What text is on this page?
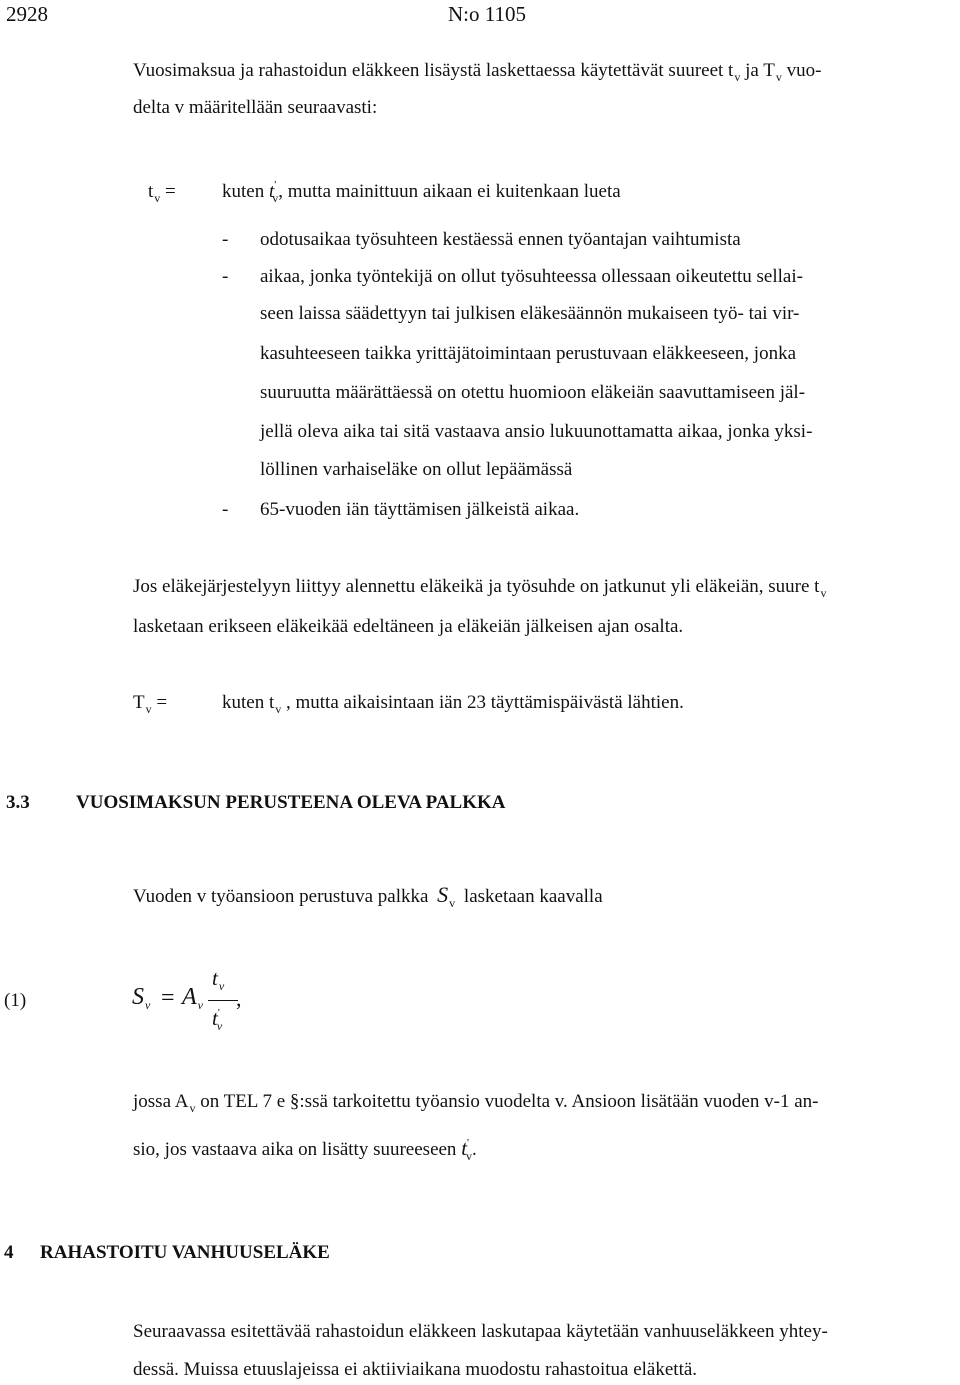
2928	N:o 1105
Vuosimaksua ja rahastoidun eläkkeen lisäystä laskettaessa käytettävät suureet $t_v$ ja $T_v$ vuo-
delta v määritellään seuraavasti:
$t_v$ = kuten $t'_v$, mutta mainittuun aikaan ei kuitenkaan lueta
- odotusaikaa työsuhteen kestäessä ennen työantajan vaihtumista
- aikaa, jonka työntekijä on ollut työsuhteessa ollessaan oikeutettu sellai-
seen laissa säädettyyn tai julkisen eläkesäännön mukaiseen työ- tai vir-
kasuhteeseen taikka yrittäjätoimintaan perustuvaan eläkkeeseen, jonka
suuruutta määrättäessä on otettu huomioon eläkeiän saavuttamiseen jäl-
jellä oleva aika tai sitä vastaava ansio lukuunottamatta aikaa, jonka yksi-
löllinen varhaiseläke on ollut lepäämässä
- 65-vuoden iän täyttämisen jälkeistä aikaa.
Jos eläkejärjestelyyn liittyy alennettu eläkeikä ja työsuhde on jatkunut yli eläkeiän, suure $t_v$
lasketaan erikseen eläkeikää edeltäneen ja eläkeiän jälkeisen ajan osalta.
$T_v$ =	kuten $t_v$ , mutta aikaisintaan iän 23 täyttämispäivästä lähtien.
3.3 VUOSIMAKSUN PERUSTEENA OLEVA PALKKA
Vuoden v työansioon perustuva palkka $S_v$ lasketaan kaavalla
(1)	$S_v = A_v$
$t_v$
$t'_v$
,
jossa $A_v$ on TEL 7 e §:ssä tarkoitettu työansio vuodelta v. Ansioon lisätään vuoden v-1 an-
sio, jos vastaava aika on lisätty suureeseen $t'_v$.
4 RAHASTOITU VANHUUSELÄKE
Seuraavassa esitettävää rahastoidun eläkkeen laskutapaa käytetään vanhuuseläkkeen yhtey-
dessä. Muissa etuuslajeissa ei aktiiviaikana muodostu rahastoitua eläkettä.
